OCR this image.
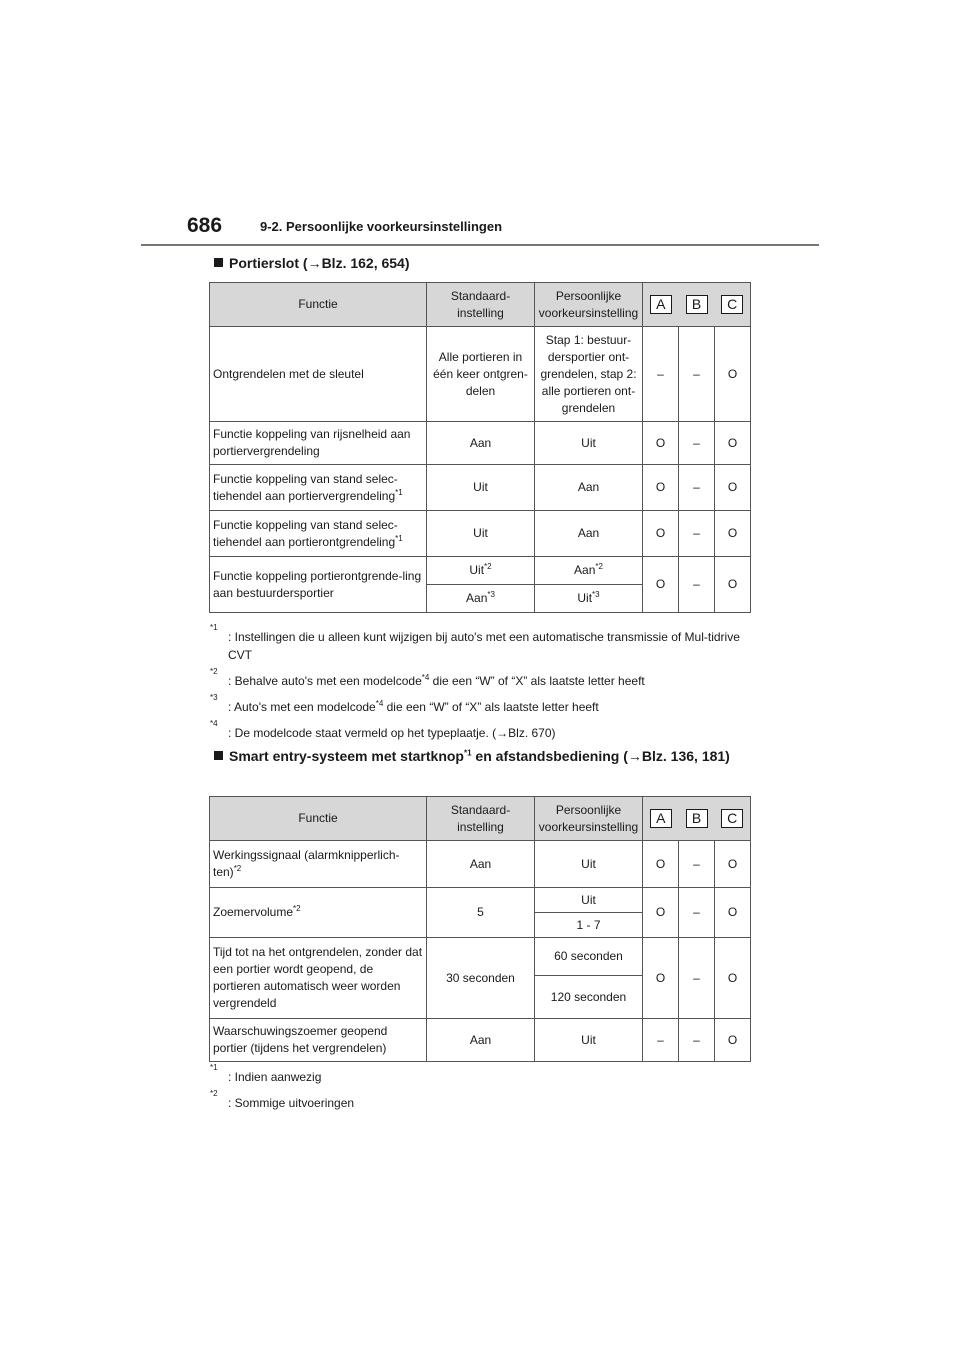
686	9-2. Persoonlijke voorkeursinstellingen
Portierslot (→Blz. 162, 654)
Functie	Standaard-instelling	Persoonlijke voorkeursinstelling	A B C		

Ontgrendelen met de sleutel	Alle portieren in één keer ontgren-delen	Stap 1: bestuur-dersportier ont-grendelen, stap 2: alle portieren ont-grendelen	–	–	O
Functie koppeling van rijsnelheid aan portiervergrendeling	Aan	Uit	O	–	O
Functie koppeling van stand selec-tiehendel aan portiervergrendeling$^{*1}$	Uit	Aan	O	–	O
Functie koppeling van stand selec-tiehendel aan portierontgrendeling$^{*1}$	Uit	Aan	O	–	O
Functie koppeling portierontgrende-ling aan bestuurdersportier	Uit$^{*2}$	Aan$^{*2}$	O	–	O
	Aan$^{*3}$	Uit$^{*3}$
*1
: Instellingen die u alleen kunt wijzigen bij auto's met een automatische transmissie of Mul-tidrive CVT
*2
: Behalve auto's met een modelcode$^{*4}$ die een “W” of “X” als laatste letter heeft
*3
: Auto's met een modelcode$^{*4}$ die een “W” of “X” als laatste letter heeft
*4
: De modelcode staat vermeld op het typeplaatje. (→Blz. 670)
Smart entry-systeem met startknop$^{*1}$ en afstandsbediening (→Blz. 136, 181)
Functie	Standaard-instelling	Persoonlijke voorkeursinstelling	A B C		

Werkingssignaal (alarmknipperlich-ten)$^{*2}$	Aan	Uit	O	–	O
Zoemervolume$^{*2}$	5	Uit	O	–	O
		1 - 7			
Tijd tot na het ontgrendelen, zonder dat een portier wordt geopend, de portieren automatisch weer worden vergrendeld	30 seconden	60 seconden	O	–	O
		120 seconden			
Waarschuwingszoemer geopend portier (tijdens het vergrendelen)	Aan	Uit	–	–	O
*1
: Indien aanwezig
*2
: Sommige uitvoeringen
